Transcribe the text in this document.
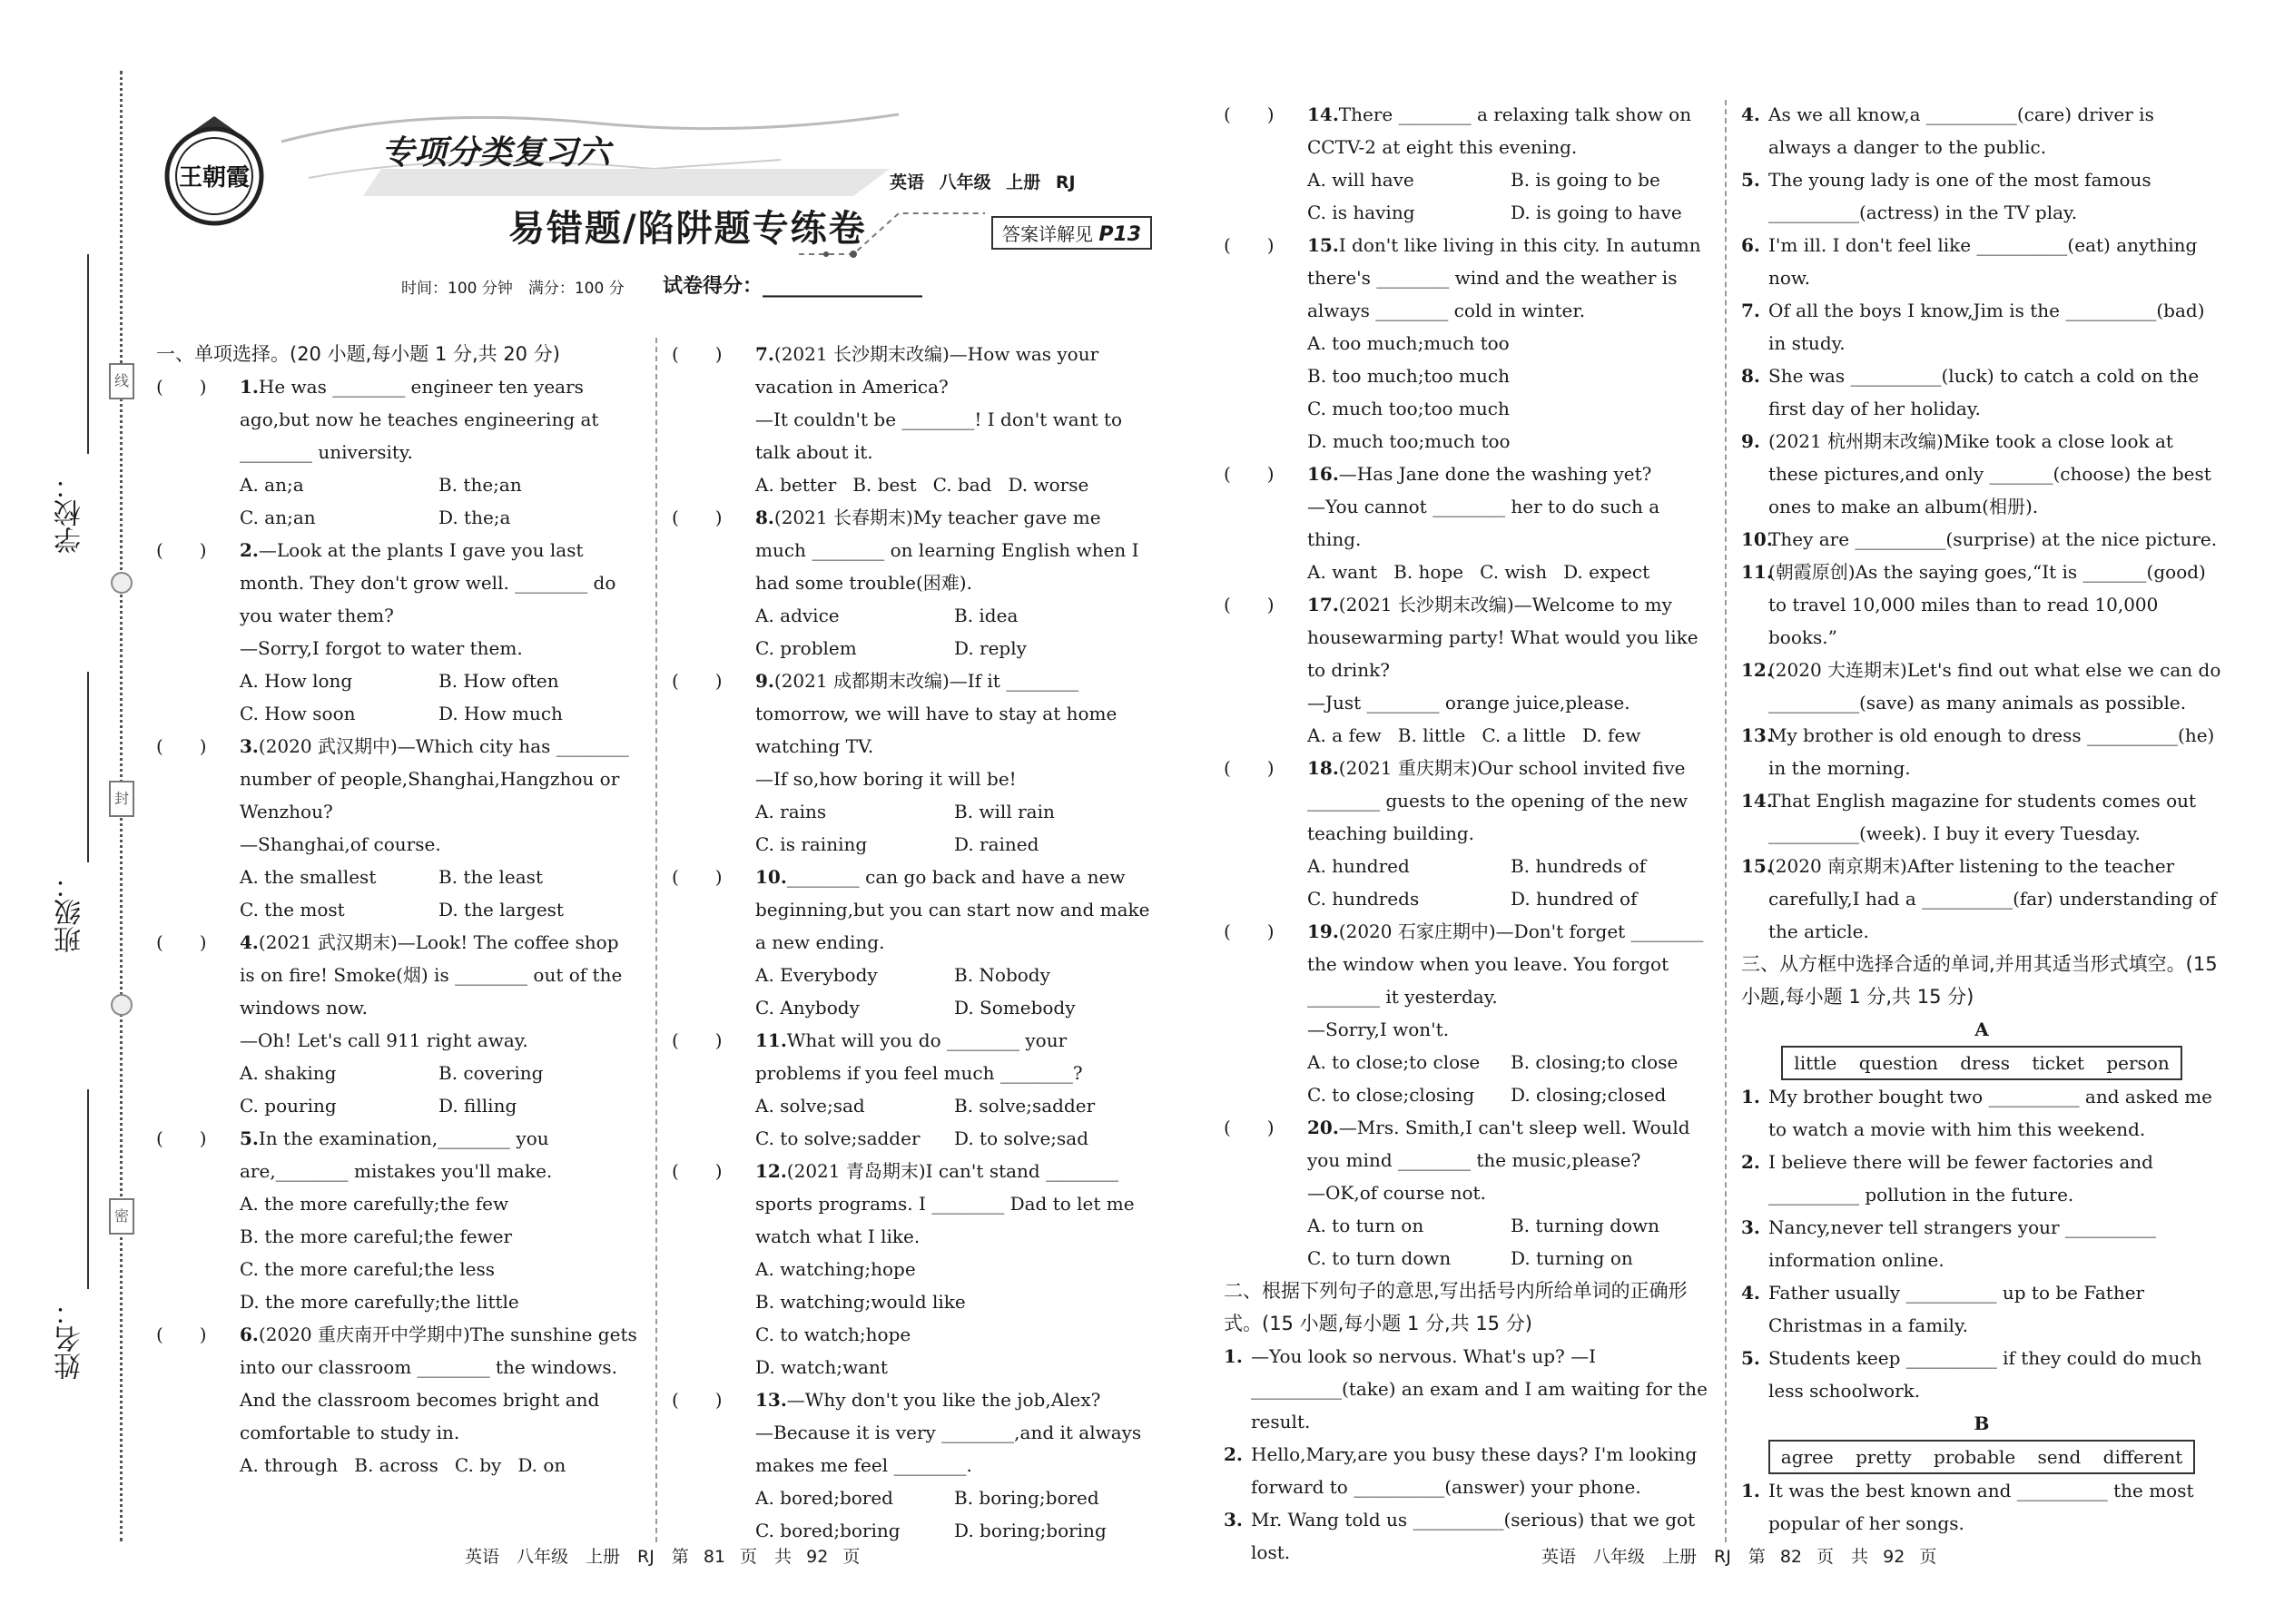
学校：
班级：
姓名：
线
封
密
王朝霞
专项分类复习六
英语 八年级 上册 RJ
易错题/陷阱题专练卷	答案详解见 P13
时间：100 分钟　满分：100 分 试卷得分：________________
一、单项选择。(20 小题,每小题 1 分,共 20 分)
(　　) 1.He was ________ engineer ten years ago,but now he teaches engineering at ________ university.
A. an;a	B. the;an
C. an;an	D. the;a
(　　) 2.—Look at the plants I gave you last month. They don't grow well. ________ do you water them?
—Sorry,I forgot to water them.
A. How long	B. How often
C. How soon	D. How much
(　　) 3.(2020 武汉期中)—Which city has ________ number of people,Shanghai,Hangzhou or Wenzhou?
—Shanghai,of course.
A. the smallest	B. the least
C. the most	D. the largest
(　　) 4.(2021 武汉期末)—Look! The coffee shop is on fire! Smoke(烟) is ________ out of the windows now.
—Oh! Let's call 911 right away.
A. shaking	B. covering
C. pouring	D. filling
(　　) 5.In the examination,________ you are,________ mistakes you'll make.
A. the more carefully;the few
B. the more careful;the fewer
C. the more careful;the less
D. the more carefully;the little
(　　) 6.(2020 重庆南开中学期中)The sunshine gets into our classroom ________ the windows. And the classroom becomes bright and comfortable to study in.
A. through B. across C. by D. on
(　　) 7.(2021 长沙期末改编)—How was your vacation in America?
—It couldn't be ________! I don't want to talk about it.
A. better B. best C. bad D. worse
(　　) 8.(2021 长春期末)My teacher gave me much ________ on learning English when I had some trouble(困难).
A. advice	B. idea
C. problem	D. reply
(　　) 9.(2021 成都期末改编)—If it ________ tomorrow, we will have to stay at home watching TV.
—If so,how boring it will be!
A. rains	B. will rain
C. is raining	D. rained
(　　) 10.________ can go back and have a new beginning,but you can start now and make a new ending.
A. Everybody	B. Nobody
C. Anybody	D. Somebody
(　　) 11.What will you do ________ your problems if you feel much ________?
A. solve;sad	B. solve;sadder
C. to solve;sadder	D. to solve;sad
(　　) 12.(2021 青岛期末)I can't stand ________ sports programs. I ________ Dad to let me watch what I like.
A. watching;hope
B. watching;would like
C. to watch;hope
D. watch;want
(　　) 13.—Why don't you like the job,Alex?
—Because it is very ________,and it always makes me feel ________.
A. bored;bored	B. boring;bored
C. bored;boring	D. boring;boring
(　　) 14.There ________ a relaxing talk show on CCTV-2 at eight this evening.
A. will have	B. is going to be
C. is having	D. is going to have
(　　) 15.I don't like living in this city. In autumn there's ________ wind and the weather is always ________ cold in winter.
A. too much;much too
B. too much;too much
C. much too;too much
D. much too;much too
(　　) 16.—Has Jane done the washing yet?
—You cannot ________ her to do such a thing.
A. want B. hope C. wish D. expect
(　　) 17.(2021 长沙期末改编)—Welcome to my housewarming party! What would you like to drink?
—Just ________ orange juice,please.
A. a few B. little C. a little D. few
(　　) 18.(2021 重庆期末)Our school invited five ________ guests to the opening of the new teaching building.
A. hundred	B. hundreds of
C. hundreds	D. hundred of
(　　) 19.(2020 石家庄期中)—Don't forget ________ the window when you leave. You forgot ________ it yesterday.
—Sorry,I won't.
A. to close;to close	B. closing;to close
C. to close;closing	D. closing;closed
(　　) 20.—Mrs. Smith,I can't sleep well. Would you mind ________ the music,please?
—OK,of course not.
A. to turn on	B. turning down
C. to turn down	D. turning on
二、根据下列句子的意思,写出括号内所给单词的正确形式。(15 小题,每小题 1 分,共 15 分)
1. —You look so nervous. What's up? —I __________(take) an exam and I am waiting for the result.
2. Hello,Mary,are you busy these days? I'm looking forward to __________(answer) your phone.
3. Mr. Wang told us __________(serious) that we got lost.
4. As we all know,a __________(care) driver is always a danger to the public.
5. The young lady is one of the most famous __________(actress) in the TV play.
6. I'm ill. I don't feel like __________(eat) anything now.
7. Of all the boys I know,Jim is the __________(bad) in study.
8. She was __________(luck) to catch a cold on the first day of her holiday.
9. (2021 杭州期末改编)Mike took a close look at these pictures,and only _______(choose) the best ones to make an album(相册).
10.
They are __________(surprise) at the nice picture.
11.
(朝霞原创)As the saying goes,“It is _______(good) to travel 10,000 miles than to read 10,000 books.”
12.
(2020 大连期末)Let's find out what else we can do __________(save) as many animals as possible.
13.
My brother is old enough to dress __________(he) in the morning.
14.
That English magazine for students comes out __________(week). I buy it every Tuesday.
15.
(2020 南京期末)After listening to the teacher carefully,I had a __________(far) understanding of the article.
三、从方框中选择合适的单词,并用其适当形式填空。(15 小题,每小题 1 分,共 15 分)
A
little question dress ticket person
1. My brother bought two __________ and asked me to watch a movie with him this weekend.
2. I believe there will be fewer factories and __________ pollution in the future.
3. Nancy,never tell strangers your __________ information online.
4. Father usually __________ up to be Father Christmas in a family.
5. Students keep __________ if they could do much less schoolwork.
B
agree pretty probable send different
1. It was the best known and __________ the most popular of her songs.
英语　八年级　上册　RJ　第 81 页　共 92 页	英语　八年级　上册　RJ　第 82 页　共 92 页
